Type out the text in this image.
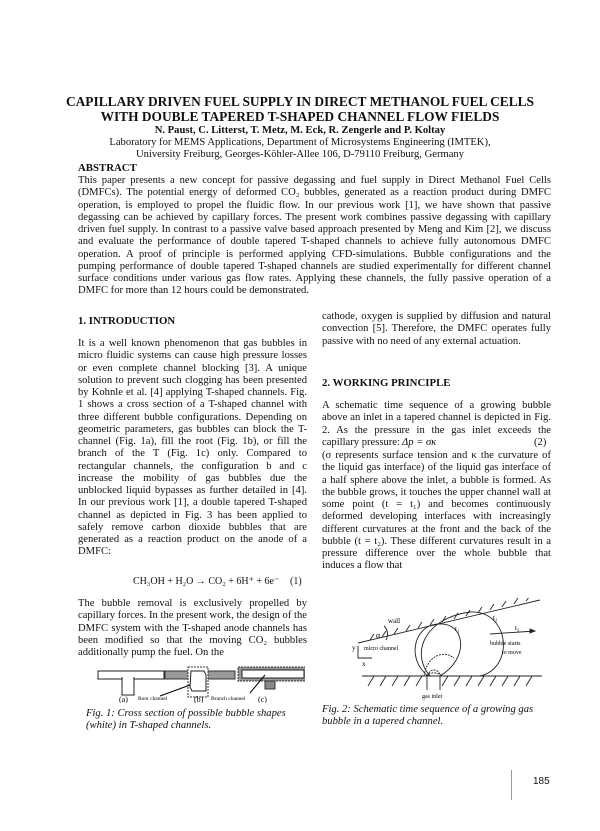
CAPILLARY DRIVEN FUEL SUPPLY IN DIRECT METHANOL FUEL CELLS
WITH DOUBLE TAPERED T-SHAPED CHANNEL FLOW FIELDS
N. Paust, C. Litterst, T. Metz, M. Eck, R. Zengerle and P. Koltay
Laboratory for MEMS Applications, Department of Microsystems Engineering (IMTEK),
University Freiburg, Georges-Köhler-Allee 106, D-79110 Freiburg, Germany
ABSTRACT

This paper presents a new concept for passive degassing and fuel supply in Direct Methanol Fuel Cells (DMFCs). The potential energy of deformed CO₂ bubbles, generated as a reaction product during DMFC operation, is employed to propel the fluidic flow. In our previous work [1], we have shown that passive degassing can be achieved by capillary forces. The present work combines passive degassing with capillary driven fuel supply. In contrast to a passive valve based approach presented by Meng and Kim [2], we discuss and evaluate the performance of double tapered T-shaped channels to achieve fully autonomous DMFC operation. A proof of principle is performed applying CFD-simulations. Bubble configurations and the pumping performance of double tapered T-shaped channels are studied experimentally for different channel surface conditions under various gas flow rates. Applying these channels, the fully passive operation of a DMFC for more than 12 hours could be demonstrated.

1. INTRODUCTION

It is a well known phenomenon that gas bubbles in micro fluidic systems can cause high pressure losses or even complete channel blocking [3]. A unique solution to prevent such clogging has been presented by Kohnle et al. [4] applying T-shaped channels. Fig. 1 shows a cross section of a T-shaped channel with three different bubble configurations. Depending on geometric parameters, gas bubbles can block the T-channel (Fig. 1a), fill the root (Fig. 1b), or fill the branch of the T (Fig. 1c) only. Compared to rectangular channels, the configuration b and c increase the mobility of gas bubbles due the unblocked liquid bypasses as further detailed in [4]. In our previous work [1], a double tapered T-shaped channel as depicted in Fig. 3 has been applied to safely remove carbon dioxide bubbles that are generated as a reaction product on the anode of a DMFC:

CH₃OH + H₂O → CO₂ + 6H⁺ + 6e⁻ (1)

The bubble removal is exclusively propelled by capillary forces. In the present work, the design of the DMFC system with the T-shaped anode channels has been modified so that the moving CO₂ bubbles additionally pump the fuel. On the

(a) Root channel	(b) Branch channel (c)

Fig. 1: Cross section of possible bubble shapes (white) in T-shaped channels.

cathode, oxygen is supplied by diffusion and natural convection [5]. Therefore, the DMFC operates fully passive with no need of any external actuation.

2. WORKING PRINCIPLE

A schematic time sequence of a growing bubble above an inlet in a tapered channel is depicted in Fig. 2. As the pressure in the gas inlet exceeds the capillary pressure: Δp = σκ	(2)

(σ represents surface tension and κ the curvature of the liquid gas interface) of the liquid gas interface of a half sphere above the inlet, a bubble is formed. As the bubble grows, it touches the upper channel wall at some point (t = t₁) and becomes continuously deformed developing interfaces with increasingly different curvatures at the front and the back of the bubble (t = t₂). These different curvatures result in a pressure difference over the whole bubble that induces a flow that

wall
α
y
x
micro channel
t₁
t₂
t₃
bubble starts
to move
gas inlet

Fig. 2: Schematic time sequence of a growing gas bubble in a tapered channel.

185
